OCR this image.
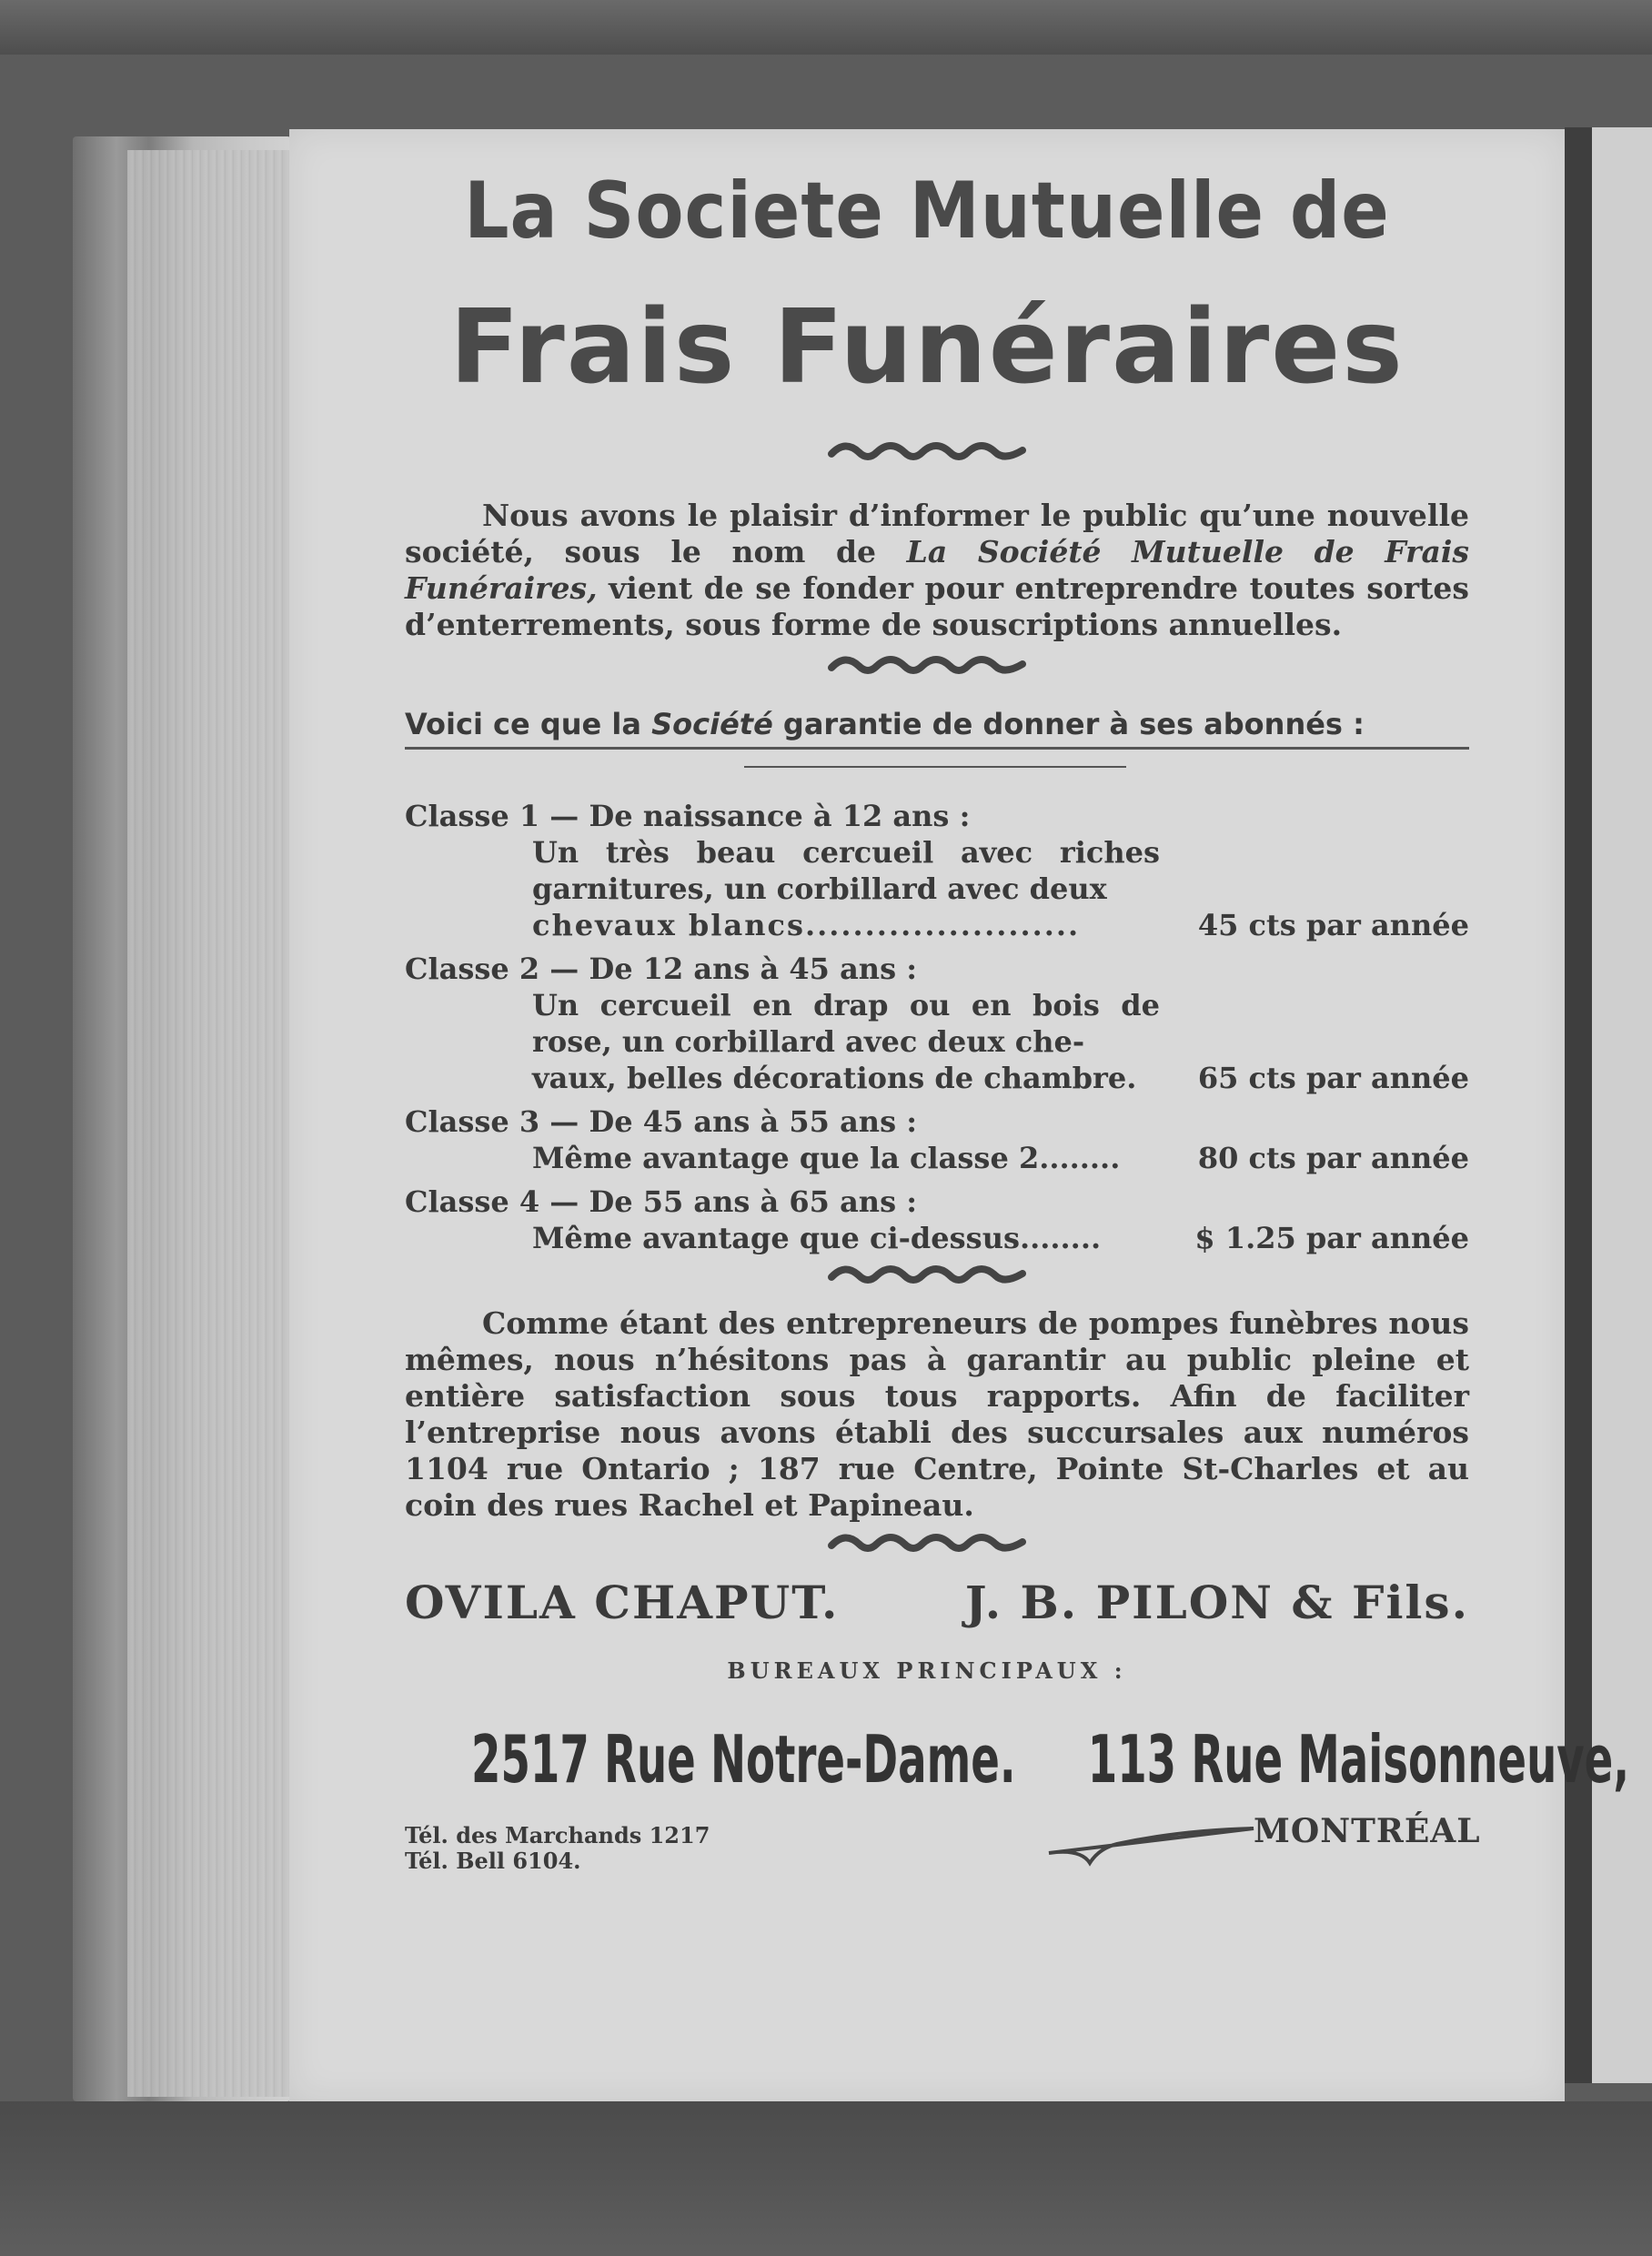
La Societe Mutuelle de
Frais Funéraires
Nous avons le plaisir d’informer le public qu’une nouvelle société, sous le nom de La Société Mutuelle de Frais Funéraires, vient de se fonder pour entreprendre toutes sortes d’enterrements, sous forme de souscriptions annuelles.
Voici ce que la Société garantie de donner à ses abonnés :
Classe 1 — De naissance à 12 ans :
Un très beau cercueil avec riches garnitures, un corbillard avec deux
chevaux blancs.......................	45 cts par année
Classe 2 — De 12 ans à 45 ans :
Un cercueil en drap ou en bois de rose, un corbillard avec deux che-
vaux, belles décorations de chambre.	65 cts par année
Classe 3 — De 45 ans à 55 ans :
Même avantage que la classe 2........	80 cts par année
Classe 4 — De 55 ans à 65 ans :
Même avantage que ci-dessus........	$ 1.25 par année
Comme étant des entrepreneurs de pompes funèbres nous mêmes, nous n’hésitons pas à garantir au public pleine et entière satisfaction sous tous rapports. Afin de faciliter l’entreprise nous avons établi des succursales aux numéros 1104 rue Ontario ; 187 rue Centre, Pointe St-Charles et au coin des rues Rachel et Papineau.
OVILA CHAPUT.	J. B. PILON & Fils.
BUREAUX PRINCIPAUX :
2517 Rue Notre-Dame. 113 Rue Maisonneuve,
Tél. des Marchands 1217
Tél. Bell 6104.
MONTRÉAL
